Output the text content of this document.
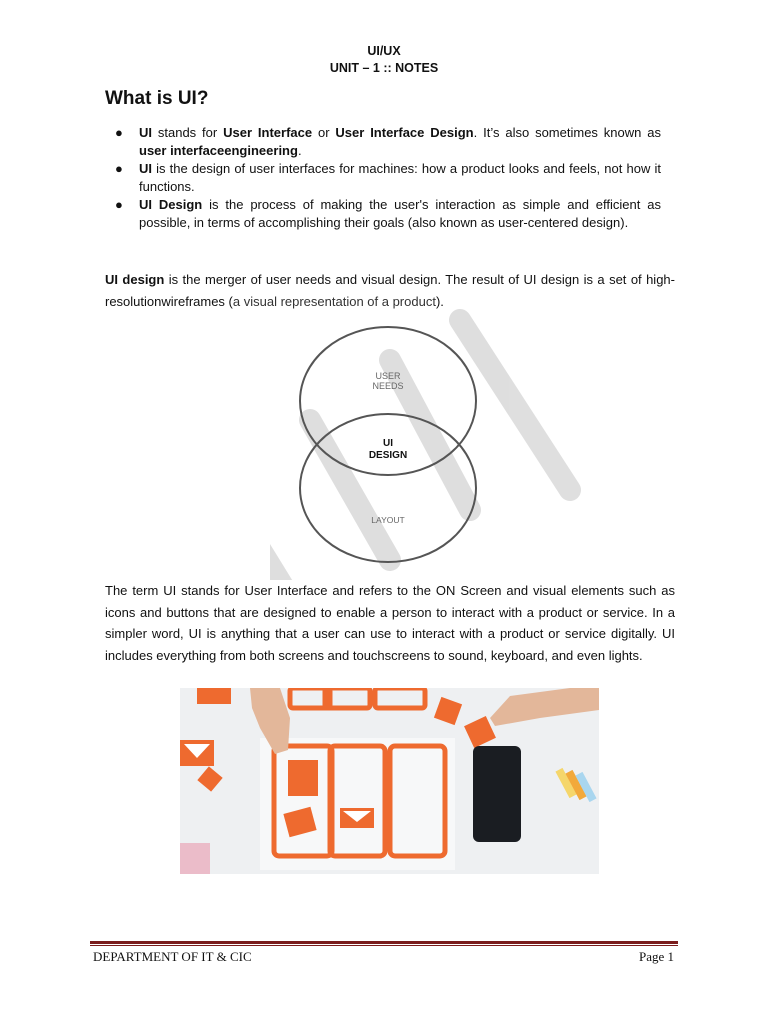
UI/UX
UNIT – 1 :: NOTES
What is UI?
● UI stands for User Interface or User Interface Design. It’s also sometimes known as user interfaceengineering.
● UI is the design of user interfaces for machines: how a product looks and feels, not how it functions.
● UI Design is the process of making the user's interaction as simple and efficient as possible, in terms of accomplishing their goals (also known as user-centered design).

UI design is the merger of user needs and visual design. The result of UI design is a set of high-resolutionwireframes (a visual representation of a product).

USER
NEEDS
UI
DESIGN
LAYOUT

The term UI stands for User Interface and refers to the ON Screen and visual elements such as icons and buttons that are designed to enable a person to interact with a product or service. In a simpler word, UI is anything that a user can use to interact with a product or service digitally. UI includes everything from both screens and touchscreens to sound, keyboard, and even lights.

DEPARTMENT OF IT & CIC	Page 1
